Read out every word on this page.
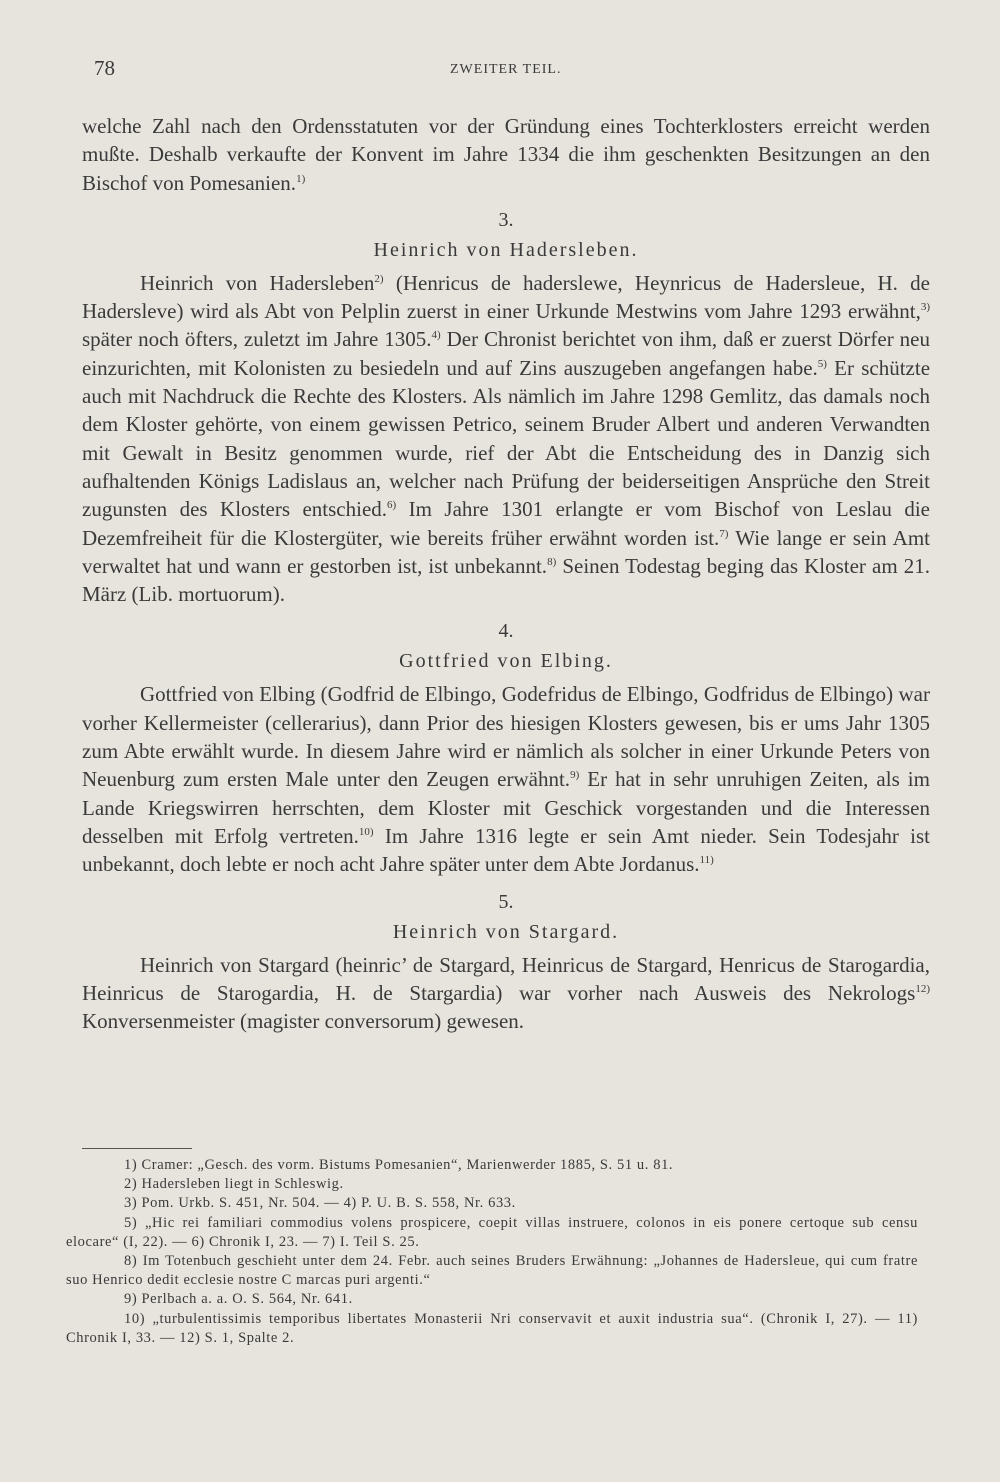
78	ZWEITER TEIL.

welche Zahl nach den Ordensstatuten vor der Gründung eines Tochterklosters erreicht werden mußte. Deshalb verkaufte der Konvent im Jahre 1334 die ihm geschenkten Besitzungen an den Bischof von Pomesanien.$^{1)}$

3.
Heinrich von Hadersleben.

Heinrich von Hadersleben$^{2)}$ (Henricus de haderslewe, Heynricus de Hadersleue, H. de Hadersleve) wird als Abt von Pelplin zuerst in einer Urkunde Mestwins vom Jahre 1293 erwähnt,$^{3)}$ später noch öfters, zuletzt im Jahre 1305.$^{4)}$ Der Chronist berichtet von ihm, daß er zuerst Dörfer neu einzurichten, mit Kolonisten zu besiedeln und auf Zins auszugeben angefangen habe.$^{5)}$ Er schützte auch mit Nachdruck die Rechte des Klosters. Als nämlich im Jahre 1298 Gemlitz, das damals noch dem Kloster gehörte, von einem gewissen Petrico, seinem Bruder Albert und anderen Verwandten mit Gewalt in Besitz genommen wurde, rief der Abt die Entscheidung des in Danzig sich aufhaltenden Königs Ladislaus an, welcher nach Prüfung der beiderseitigen Ansprüche den Streit zugunsten des Klosters entschied.$^{6)}$ Im Jahre 1301 erlangte er vom Bischof von Leslau die Dezemfreiheit für die Klostergüter, wie bereits früher erwähnt worden ist.$^{7)}$ Wie lange er sein Amt verwaltet hat und wann er gestorben ist, ist unbekannt.$^{8)}$ Seinen Todestag beging das Kloster am 21. März (Lib. mortuorum).

4.
Gottfried von Elbing.

Gottfried von Elbing (Godfrid de Elbingo, Godefridus de Elbingo, Godfridus de Elbingo) war vorher Kellermeister (cellerarius), dann Prior des hiesigen Klosters gewesen, bis er ums Jahr 1305 zum Abte erwählt wurde. In diesem Jahre wird er nämlich als solcher in einer Urkunde Peters von Neuenburg zum ersten Male unter den Zeugen erwähnt.$^{9)}$ Er hat in sehr unruhigen Zeiten, als im Lande Kriegswirren herrschten, dem Kloster mit Geschick vorgestanden und die Interessen desselben mit Erfolg vertreten.$^{10)}$ Im Jahre 1316 legte er sein Amt nieder. Sein Todesjahr ist unbekannt, doch lebte er noch acht Jahre später unter dem Abte Jordanus.$^{11)}$

5.
Heinrich von Stargard.

Heinrich von Stargard (heinric’ de Stargard, Heinricus de Stargard, Henricus de Starogardia, Heinricus de Starogardia, H. de Stargardia) war vorher nach Ausweis des Nekrologs$^{12)}$ Konversenmeister (magister conversorum) gewesen.

1) Cramer: „Gesch. des vorm. Bistums Pomesanien“, Marienwerder 1885, S. 51 u. 81.

2) Hadersleben liegt in Schleswig.

3) Pom. Urkb. S. 451, Nr. 504. — 4) P. U. B. S. 558, Nr. 633.

5) „Hic rei familiari commodius volens prospicere, coepit villas instruere, colonos in eis ponere certoque sub censu elocare“ (I, 22). — 6) Chronik I, 23. — 7) I. Teil S. 25.

8) Im Totenbuch geschieht unter dem 24. Febr. auch seines Bruders Erwähnung: „Johannes de Hadersleue, qui cum fratre suo Henrico dedit ecclesie nostre C marcas puri argenti.“

9) Perlbach a. a. O. S. 564, Nr. 641.

10) „turbulentissimis temporibus libertates Monasterii Nri conservavit et auxit industria sua“. (Chronik I, 27). — 11) Chronik I, 33. — 12) S. 1, Spalte 2.
